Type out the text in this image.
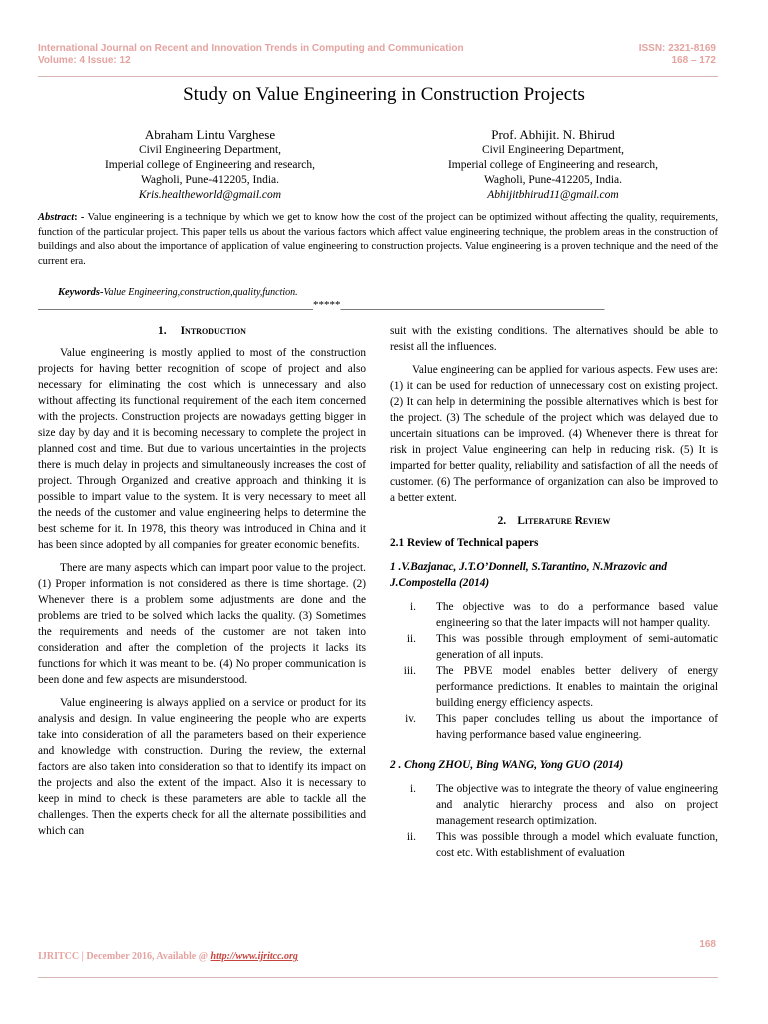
International Journal on Recent and Innovation Trends in Computing and Communication
Volume: 4 Issue: 12
ISSN: 2321-8169
168 – 172
Study on Value Engineering in Construction Projects
Abraham Lintu Varghese
Civil Engineering Department,
Imperial college of Engineering and research,
Wagholi, Pune-412205, India.
Kris.healtheworld@gmail.com
Prof. Abhijit. N. Bhirud
Civil Engineering Department,
Imperial college of Engineering and research,
Wagholi, Pune-412205, India.
Abhijitbhirud11@gmail.com
Abstract: - Value engineering is a technique by which we get to know how the cost of the project can be optimized without affecting the quality, requirements, function of the particular project. This paper tells us about the various factors which affect value engineering technique, the problem areas in the construction of buildings and also about the importance of application of value engineering to construction projects. Value engineering is a proven technique and the need of the current era.
Keywords-Value Engineering,construction,quality,function.
__________________________________________________*****________________________________________________
1. Introduction

Value engineering is mostly applied to most of the construction projects for having better recognition of scope of project and also necessary for eliminating the cost which is unnecessary and also without affecting its functional requirement of the each item concerned with the projects. Construction projects are nowadays getting bigger in size day by day and it is becoming necessary to complete the project in planned cost and time. But due to various uncertainties in the projects there is much delay in projects and simultaneously increases the cost of project. Through Organized and creative approach and thinking it is possible to impart value to the system. It is very necessary to meet all the needs of the customer and value engineering helps to determine the best scheme for it. In 1978, this theory was introduced in China and it has been since adopted by all companies for greater economic benefits.

There are many aspects which can impart poor value to the project. (1) Proper information is not considered as there is time shortage. (2) Whenever there is a problem some adjustments are done and the problems are tried to be solved which lacks the quality. (3) Sometimes the requirements and needs of the customer are not taken into consideration and after the completion of the projects it lacks its functions for which it was meant to be. (4) No proper communication is been done and few aspects are misunderstood.

Value engineering is always applied on a service or product for its analysis and design. In value engineering the people who are experts take into consideration of all the parameters based on their experience and knowledge with construction. During the review, the external factors are also taken into consideration so that to identify its impact on the projects and also the extent of the impact. Also it is necessary to keep in mind to check is these parameters are able to tackle all the challenges. Then the experts check for all the alternate possibilities and which can

suit with the existing conditions. The alternatives should be able to resist all the influences.

Value engineering can be applied for various aspects. Few uses are: (1) it can be used for reduction of unnecessary cost on existing project. (2) It can help in determining the possible alternatives which is best for the project. (3) The schedule of the project which was delayed due to uncertain situations can be improved. (4) Whenever there is threat for risk in project Value engineering can help in reducing risk. (5) It is imparted for better quality, reliability and satisfaction of all the needs of customer. (6) The performance of organization can also be improved to a better extent.

2. Literature Review
2.1 Review of Technical papers
1 .V.Bazjanac, J.T.O’Donnell, S.Tarantino, N.Mrazovic and J.Compostella (2014)
i. The objective was to do a performance based value engineering so that the later impacts will not hamper quality.
ii. This was possible through employment of semi-automatic generation of all inputs.
iii. The PBVE model enables better delivery of energy performance predictions. It enables to maintain the original building energy efficiency aspects.
iv. This paper concludes telling us about the importance of having performance based value engineering.
2 . Chong ZHOU, Bing WANG, Yong GUO (2014)
i. The objective was to integrate the theory of value engineering and analytic hierarchy process and also on project management research optimization.
ii. This was possible through a model which evaluate function, cost etc. With establishment of evaluation
168
IJRITCC | December 2016, Available @ http://www.ijritcc.org
